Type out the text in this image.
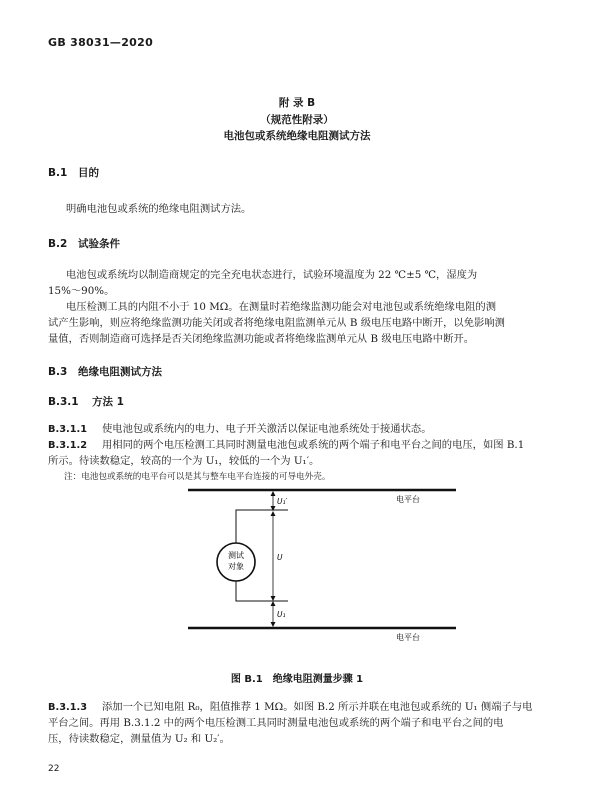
GB 38031—2020
附 录 B
（规范性附录）
电池包或系统绝缘电阻测试方法
B.1 目的
明确电池包或系统的绝缘电阻测试方法。
B.2 试验条件
电池包或系统均以制造商规定的完全充电状态进行，试验环境温度为 22 ℃±5 ℃，湿度为
15%～90%。
电压检测工具的内阻不小于 10 MΩ。在测量时若绝缘监测功能会对电池包或系统绝缘电阻的测
试产生影响，则应将绝缘监测功能关闭或者将绝缘电阻监测单元从 B 级电压电路中断开，以免影响测
量值，否则制造商可选择是否关闭绝缘监测功能或者将绝缘监测单元从 B 级电压电路中断开。
B.3 绝缘电阻测试方法
B.3.1 方法 1
B.3.1.1 使电池包或系统内的电力、电子开关激活以保证电池系统处于接通状态。
B.3.1.2 用相同的两个电压检测工具同时测量电池包或系统的两个端子和电平台之间的电压，如图 B.1
所示。待读数稳定，较高的一个为 U₁，较低的一个为 U₁′。
注：电池包或系统的电平台可以是其与整车电平台连接的可导电外壳。
测试
对象
U₁′
U
U₁
电平台
电平台
图 B.1　绝缘电阻测量步骤 1
B.3.1.3 添加一个已知电阻 R₀，阻值推荐 1 MΩ。如图 B.2 所示并联在电池包或系统的 U₁ 侧端子与电
平台之间。再用 B.3.1.2 中的两个电压检测工具同时测量电池包或系统的两个端子和电平台之间的电
压，待读数稳定，测量值为 U₂ 和 U₂′。
22
